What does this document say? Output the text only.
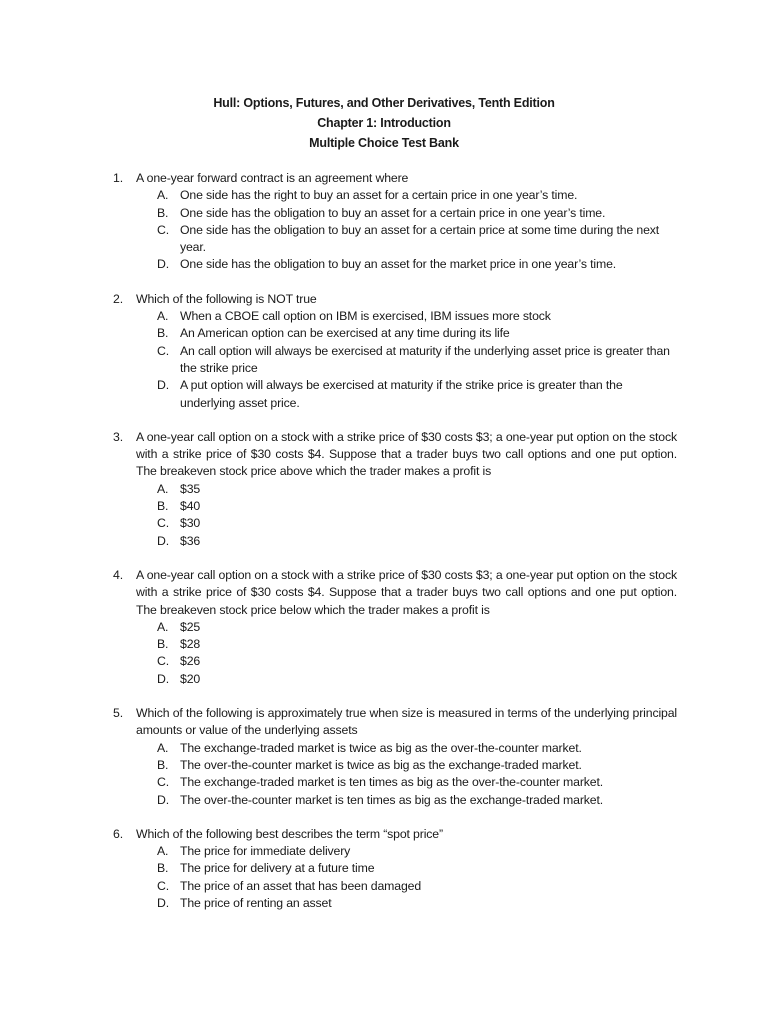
Hull: Options, Futures, and Other Derivatives, Tenth Edition
Chapter 1: Introduction
Multiple Choice Test Bank
1. A one-year forward contract is an agreement where
A. One side has the right to buy an asset for a certain price in one year’s time.
B. One side has the obligation to buy an asset for a certain price in one year’s time.
C. One side has the obligation to buy an asset for a certain price at some time during the next year.
D. One side has the obligation to buy an asset for the market price in one year’s time.
2. Which of the following is NOT true
A. When a CBOE call option on IBM is exercised, IBM issues more stock
B. An American option can be exercised at any time during its life
C. An call option will always be exercised at maturity if the underlying asset price is greater than the strike price
D. A put option will always be exercised at maturity if the strike price is greater than the underlying asset price.
3. A one-year call option on a stock with a strike price of $30 costs $3; a one-year put option on the stock with a strike price of $30 costs $4. Suppose that a trader buys two call options and one put option. The breakeven stock price above which the trader makes a profit is
A. $35
B. $40
C. $30
D. $36
4. A one-year call option on a stock with a strike price of $30 costs $3; a one-year put option on the stock with a strike price of $30 costs $4. Suppose that a trader buys two call options and one put option. The breakeven stock price below which the trader makes a profit is
A. $25
B. $28
C. $26
D. $20
5. Which of the following is approximately true when size is measured in terms of the underlying principal amounts or value of the underlying assets
A. The exchange-traded market is twice as big as the over-the-counter market.
B. The over-the-counter market is twice as big as the exchange-traded market.
C. The exchange-traded market is ten times as big as the over-the-counter market.
D. The over-the-counter market is ten times as big as the exchange-traded market.
6. Which of the following best describes the term “spot price”
A. The price for immediate delivery
B. The price for delivery at a future time
C. The price of an asset that has been damaged
D. The price of renting an asset
